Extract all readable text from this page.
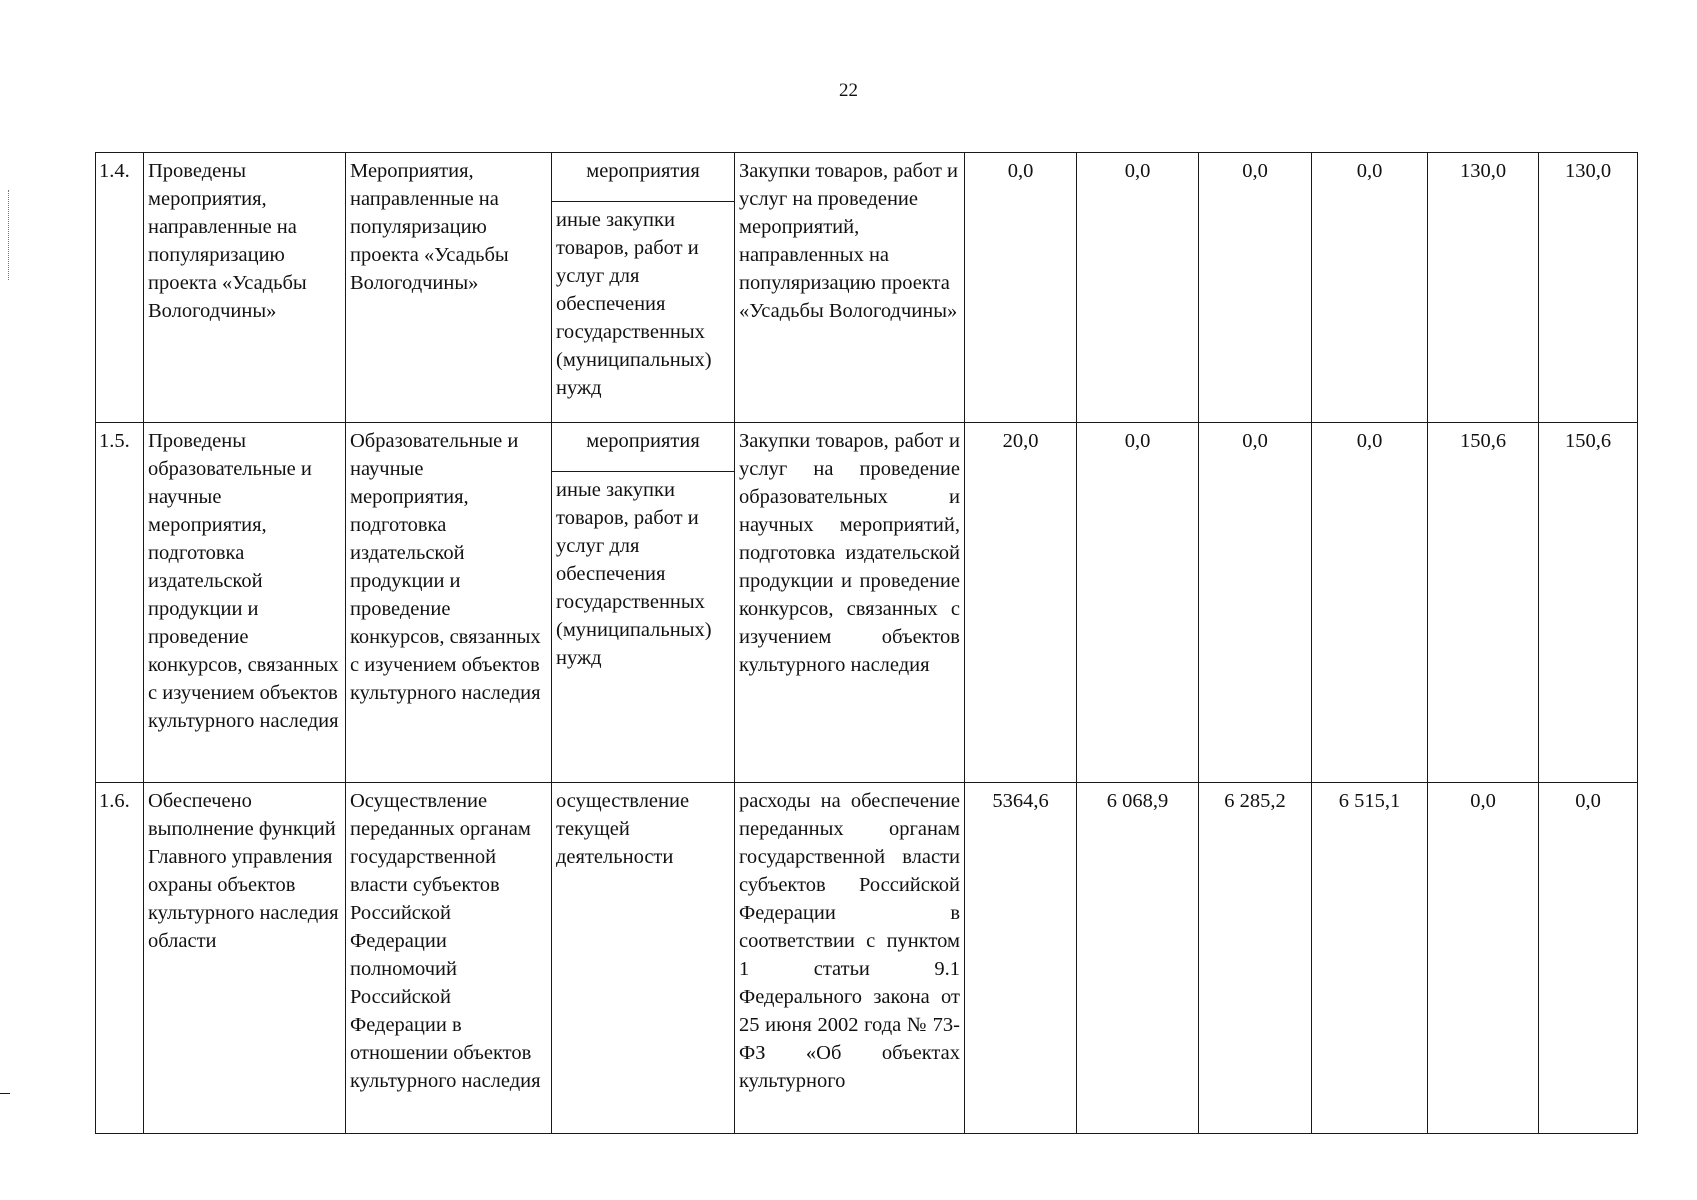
22
1.4.	Проведены мероприятия, направленные на популяризацию проекта «Усадьбы Вологодчины»	Мероприятия, направленные на популяризацию проекта «Усадьбы Вологодчины»	мероприятия	Закупки товаров, работ и услуг на проведение мероприятий, направленных на популяризацию проекта «Усадьбы Вологодчины»	0,0	0,0	0,0	0,0	130,0	130,0
			иные закупки товаров, работ и услуг для обеспечения государственных (муниципальных) нужд							
1.5.	Проведены образовательные и научные мероприятия, подготовка издательской продукции и проведение конкурсов, связанных с изучением объектов культурного наследия	Образовательные и научные мероприятия, подготовка издательской продукции и проведение конкурсов, связанных с изучением объектов культурного наследия	мероприятия	Закупки товаров, работ и услуг на проведение образовательных и научных мероприятий, подготовка издательской продукции и проведение конкурсов, связанных с изучением объектов культурного наследия	20,0	0,0	0,0	0,0	150,6	150,6
			иные закупки товаров, работ и услуг для обеспечения государственных (муниципальных) нужд							
1.6.	Обеспечено выполнение функций Главного управления охраны объектов культурного наследия области	Осуществление переданных органам государственной власти субъектов Российской Федерации полномочий Российской Федерации в отношении объектов культурного наследия	осуществление текущей деятельности	расходы на обеспечение переданных органам государственной власти субъектов Российской Федерации в соответствии с пунктом 1 статьи 9.1 Федерального закона от 25 июня 2002 года № 73-ФЗ «Об объектах культурного	5364,6	6 068,9	6 285,2	6 515,1	0,0	0,0
